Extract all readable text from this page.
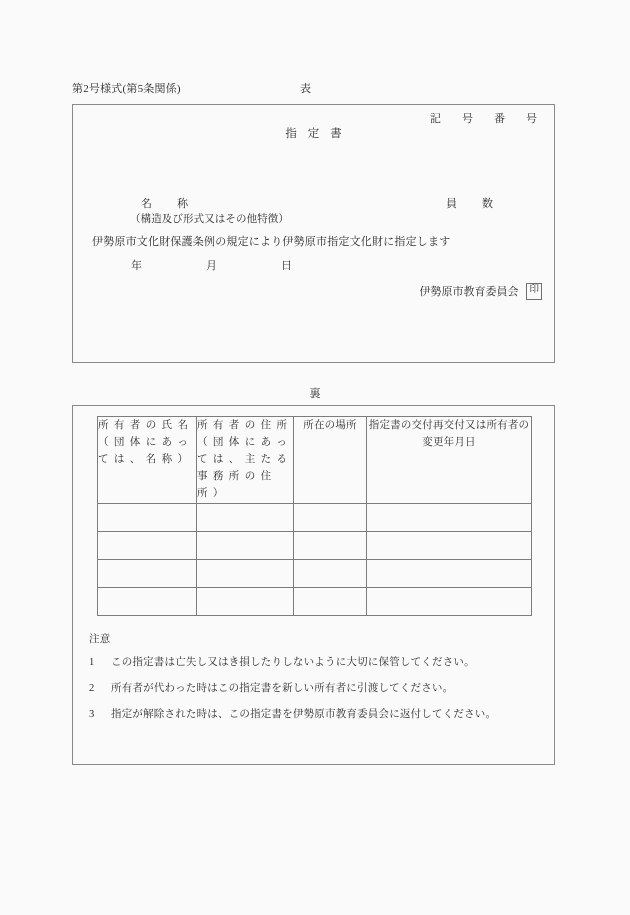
第2号様式(第5条関係)	表
記　号　番　号
指 定 書
名　称	員　数
（構造及び形式又はその他特徴）
伊勢原市文化財保護条例の規定により伊勢原市指定文化財に指定します
年　　月　　日
伊勢原市教育委員会	印
裏
所有者の氏名（団体にあっては、名称）	所有者の住所（団体にあっては、主たる事務所の住所）	所在の場所	指定書の交付再交付又は所有者の変更年月日

注意
1	この指定書は亡失し又はき損したりしないように大切に保管してください。
2	所有者が代わった時はこの指定書を新しい所有者に引渡してください。
3	指定が解除された時は、この指定書を伊勢原市教育委員会に返付してください。
